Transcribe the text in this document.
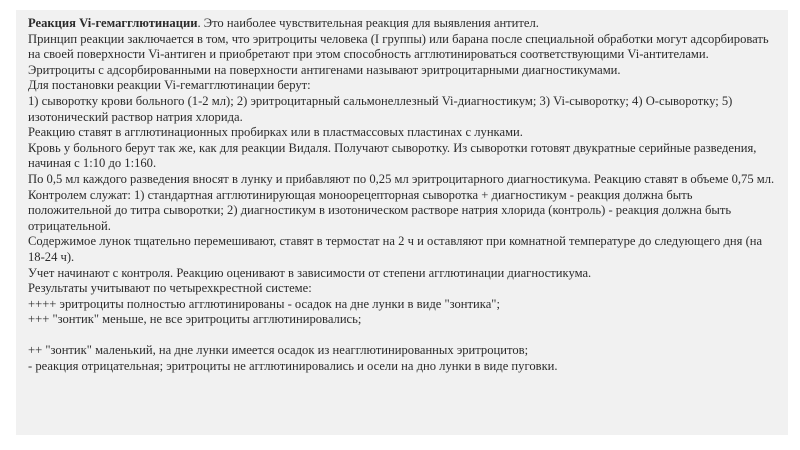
Реакция Vi-гемагглютинации. Это наиболее чувствительная реакция для выявления антител.
Принцип реакции заключается в том, что эритроциты человека (I группы) или барана после специальной обработки могут адсорбировать на своей поверхности Vi-антиген и приобретают при этом способность агглютинироваться соответствующими Vi-антителами.
Эритроциты с адсорбированными на поверхности антигенами называют эритроцитарными диагностикумами.
Для постановки реакции Vi-гемагглютинации берут:
1) сыворотку крови больного (1-2 мл); 2) эритроцитарный сальмонеллезный Vi-диагностикум; 3) Vi-сыворотку; 4) О-сыворотку; 5) изотонический раствор натрия хлорида.
Реакцию ставят в агглютинационных пробирках или в пластмассовых пластинах с лунками.
Кровь у больного берут так же, как для реакции Видаля. Получают сыворотку. Из сыворотки готовят двукратные серийные разведения, начиная с 1:10 до 1:160.
По 0,5 мл каждого разведения вносят в лунку и прибавляют по 0,25 мл эритроцитарного диагностикума. Реакцию ставят в объеме 0,75 мл.
Контролем служат: 1) стандартная агглютинирующая моноорецепторная сыворотка + диагностикум - реакция должна быть положительной до титра сыворотки; 2) диагностикум в изотоническом растворе натрия хлорида (контроль) - реакция должна быть отрицательной.
Содержимое лунок тщательно перемешивают, ставят в термостат на 2 ч и оставляют при комнатной температуре до следующего дня (на 18-24 ч).
Учет начинают с контроля. Реакцию оценивают в зависимости от степени агглютинации диагностикума.
Результаты учитывают по четырехкрестной системе:
++++ эритроциты полностью агглютинированы - осадок на дне лунки в виде "зонтика";
+++ "зонтик" меньше, не все эритроциты агглютинировались;
++ "зонтик" маленький, на дне лунки имеется осадок из неагглютинированных эритроцитов;
- реакция отрицательная; эритроциты не агглютинировались и осели на дно лунки в виде пуговки.
